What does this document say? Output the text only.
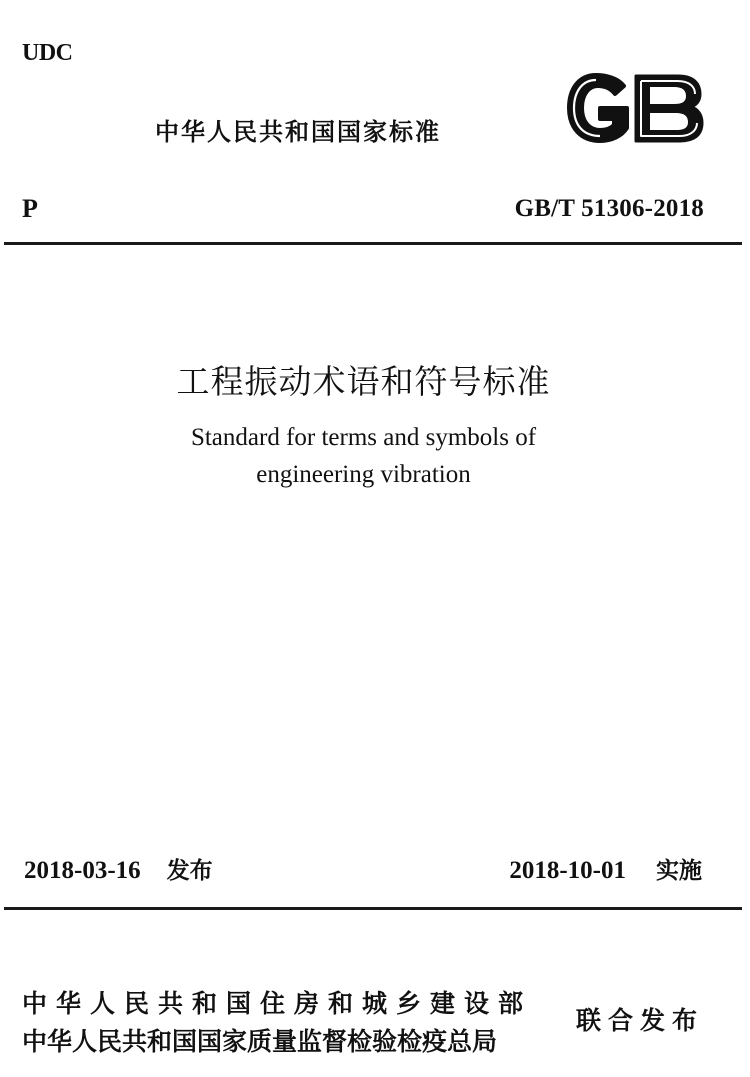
UDC
中华人民共和国国家标准
P	GB/T 51306-2018
工程振动术语和符号标准
Standard for terms and symbols of
engineering vibration
2018-03-16 发布	2018-10-01 实施
中华人民共和国住房和城乡建设部
中华人民共和国国家质量监督检验检疫总局
联合发布
